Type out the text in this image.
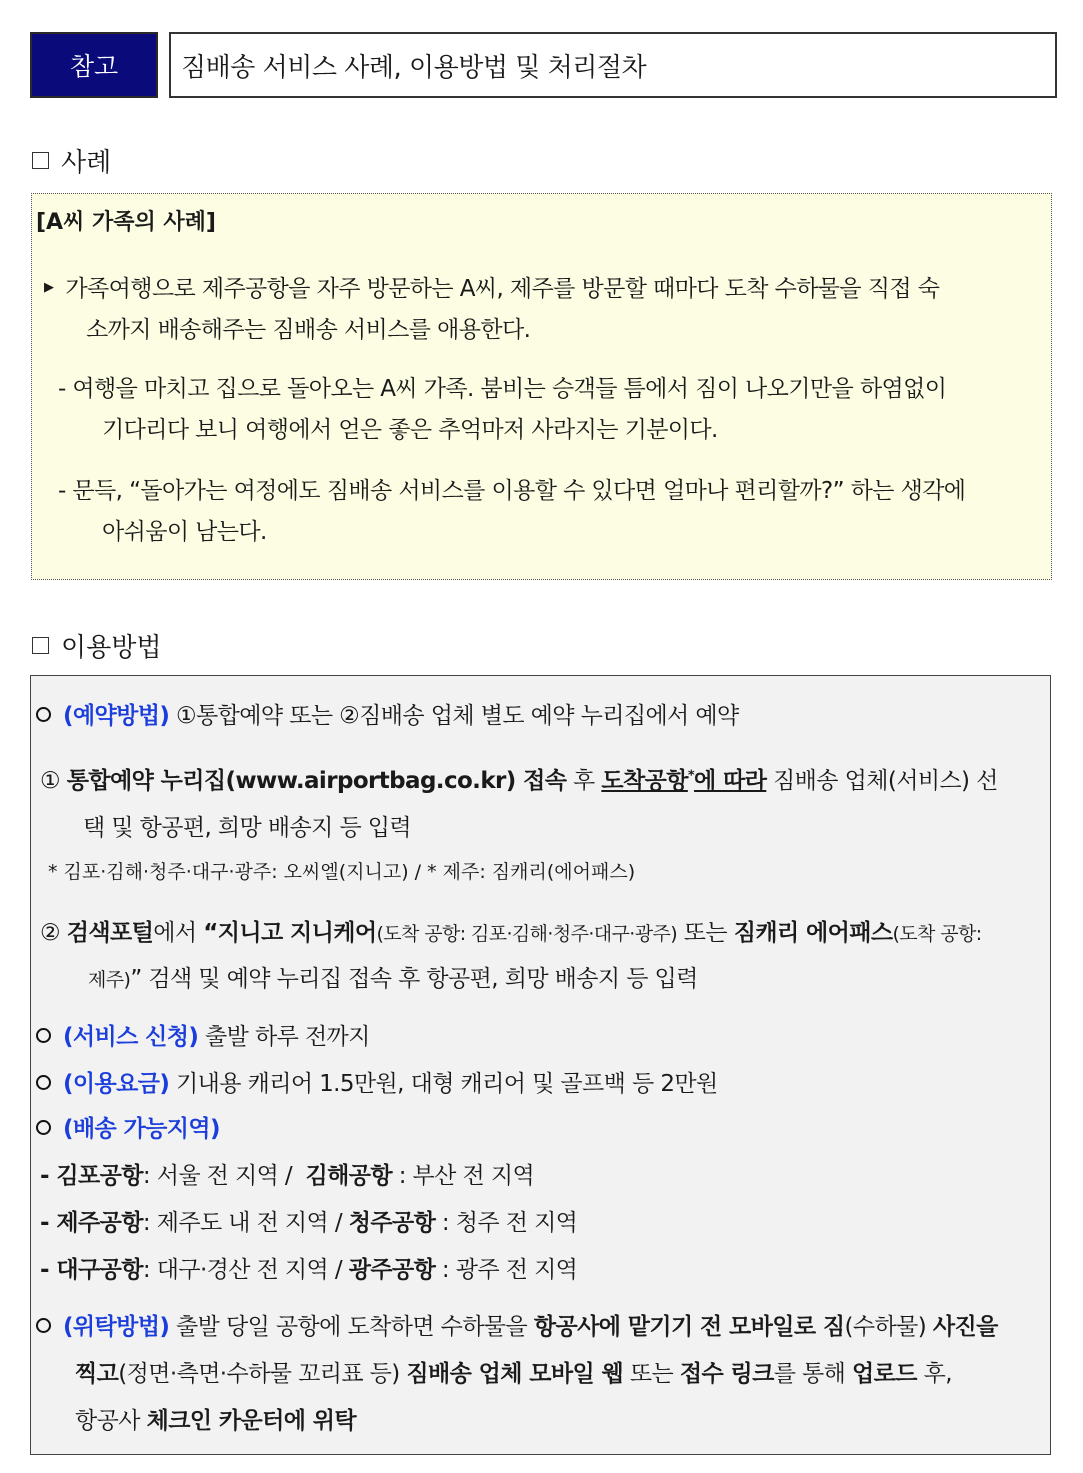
참고	짐배송 서비스 사례, 이용방법 및 처리절차
사례
[A씨 가족의 사례]
▶ 가족여행으로 제주공항을 자주 방문하는 A씨, 제주를 방문할 때마다 도착 수하물을 직접 숙
소까지 배송해주는 짐배송 서비스를 애용한다.
- 여행을 마치고 집으로 돌아오는 A씨 가족. 붐비는 승객들 틈에서 짐이 나오기만을 하염없이
기다리다 보니 여행에서 얻은 좋은 추억마저 사라지는 기분이다.
- 문득, “돌아가는 여정에도 짐배송 서비스를 이용할 수 있다면 얼마나 편리할까?” 하는 생각에
아쉬움이 남는다.
이용방법
(예약방법) ①통합예약 또는 ②짐배송 업체 별도 예약 누리집에서 예약
① 통합예약 누리집(www.airportbag.co.kr) 접속 후 도착공항*에 따라 짐배송 업체(서비스) 선
택 및 항공편, 희망 배송지 등 입력
* 김포·김해·청주·대구·광주: 오씨엘(지니고) / * 제주: 짐캐리(에어패스)
② 검색포털에서 “지니고 지니케어(도착 공항: 김포·김해·청주·대구·광주) 또는 짐캐리 에어패스(도착 공항:
제주)” 검색 및 예약 누리집 접속 후 항공편, 희망 배송지 등 입력
(서비스 신청) 출발 하루 전까지
(이용요금) 기내용 캐리어 1.5만원, 대형 캐리어 및 골프백 등 2만원
(배송 가능지역)
- 김포공항: 서울 전 지역 /  김해공항 : 부산 전 지역
- 제주공항: 제주도 내 전 지역 / 청주공항 : 청주 전 지역
- 대구공항: 대구·경산 전 지역 / 광주공항 : 광주 전 지역
(위탁방법) 출발 당일 공항에 도착하면 수하물을 항공사에 맡기기 전 모바일로 짐(수하물) 사진을
찍고(정면·측면·수하물 꼬리표 등) 짐배송 업체 모바일 웹 또는 접수 링크를 통해 업로드 후,
항공사 체크인 카운터에 위탁
